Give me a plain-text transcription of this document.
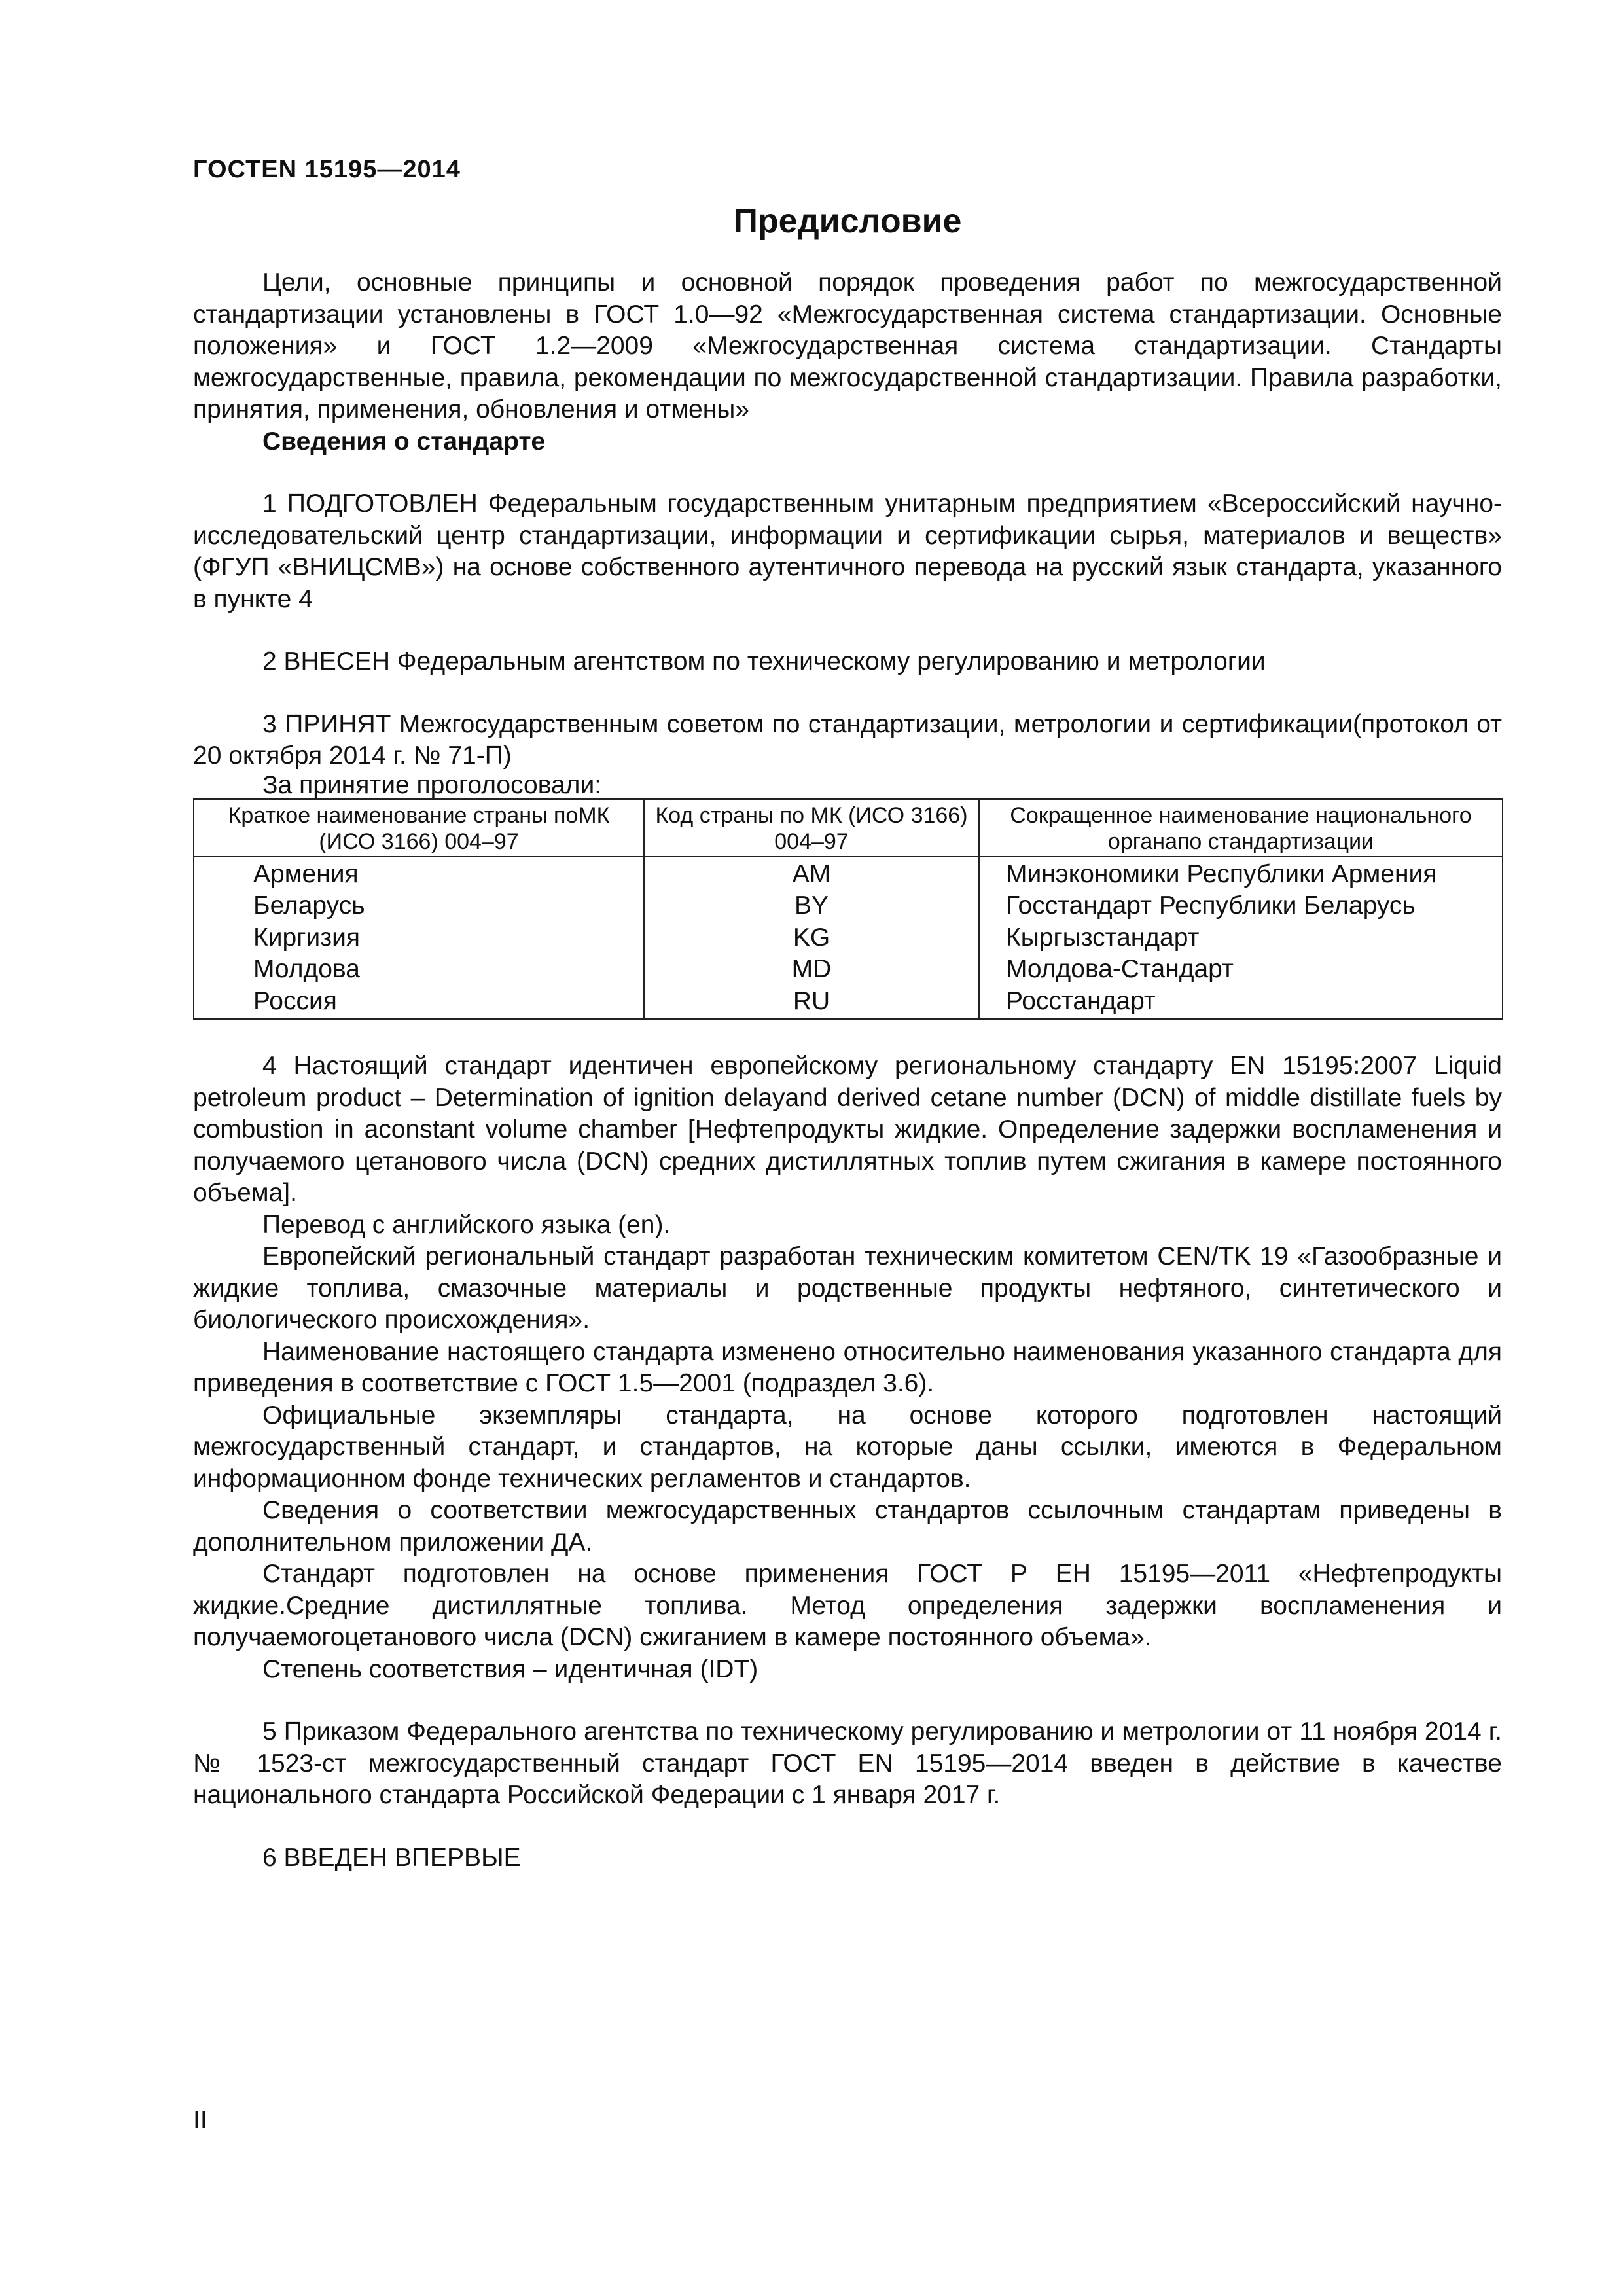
ГОСТЕN 15195—2014
Предисловие

Цели, основные принципы и основной порядок проведения работ по межгосударственной стандартизации установлены в ГОСТ 1.0—92 «Межгосударственная система стандартизации. Основные положения» и ГОСТ 1.2—2009 «Межгосударственная система стандартизации. Стандарты межгосударственные, правила, рекомендации по межгосударственной стандартизации. Правила разработки, принятия, применения, обновления и отмены»

Сведения о стандарте

1 ПОДГОТОВЛЕН Федеральным государственным унитарным предприятием «Всероссийский научно-исследовательский центр стандартизации, информации и сертификации сырья, материалов и веществ» (ФГУП «ВНИЦСМВ») на основе собственного аутентичного перевода на русский язык стандарта, указанного в пункте 4

2 ВНЕСЕН Федеральным агентством по техническому регулированию и метрологии

3 ПРИНЯТ Межгосударственным советом по стандартизации, метрологии и сертификации(протокол от 20 октября 2014 г. № 71-П)

За принятие проголосовали:

Краткое наименование страны поМК (ИСО 3166) 004–97	Код страны по МК (ИСО 3166) 004–97	Сокращенное наименование национального органапо стандартизации
Армения	AM	Минэкономики Республики Армения
Беларусь	BY	Госстандарт Республики Беларусь
Киргизия	KG	Кыргызстандарт
Молдова	MD	Молдова-Стандарт
Россия	RU	Росстандарт

4 Настоящий стандарт идентичен европейскому региональному стандарту EN 15195:2007 Liquid petroleum product – Determination of ignition delayand derived cetane number (DCN) of middle distillate fuels by combustion in aconstant volume chamber [Нефтепродукты жидкие. Определение задержки воспламенения и получаемого цетанового числа (DCN) средних дистиллятных топлив путем сжигания в камере постоянного объема].

Перевод с английского языка (en).

Европейский региональный стандарт разработан техническим комитетом CEN/TK 19 «Газообразные и жидкие топлива, смазочные материалы и родственные продукты нефтяного, синтетического и биологического происхождения».

Наименование настоящего стандарта изменено относительно наименования указанного стандарта для приведения в соответствие с ГОСТ 1.5—2001 (подраздел 3.6).

Официальные экземпляры стандарта, на основе которого подготовлен настоящий межгосударственный стандарт, и стандартов, на которые даны ссылки, имеются в Федеральном информационном фонде технических регламентов и стандартов.

Сведения о соответствии межгосударственных стандартов ссылочным стандартам приведены в дополнительном приложении ДА.

Стандарт подготовлен на основе применения ГОСТ Р ЕН 15195—2011 «Нефтепродукты жидкие.Средние дистиллятные топлива. Метод определения задержки воспламенения и получаемогоцетанового числа (DCN) сжиганием в камере постоянного объема».

Степень соответствия – идентичная (IDT)

5 Приказом Федерального агентства по техническому регулированию и метрологии от 11 ноября 2014 г. № 1523-ст межгосударственный стандарт ГОСТ EN 15195—2014 введен в действие в качестве национального стандарта Российской Федерации с 1 января 2017 г.

6 ВВЕДЕН ВПЕРВЫЕ

II
